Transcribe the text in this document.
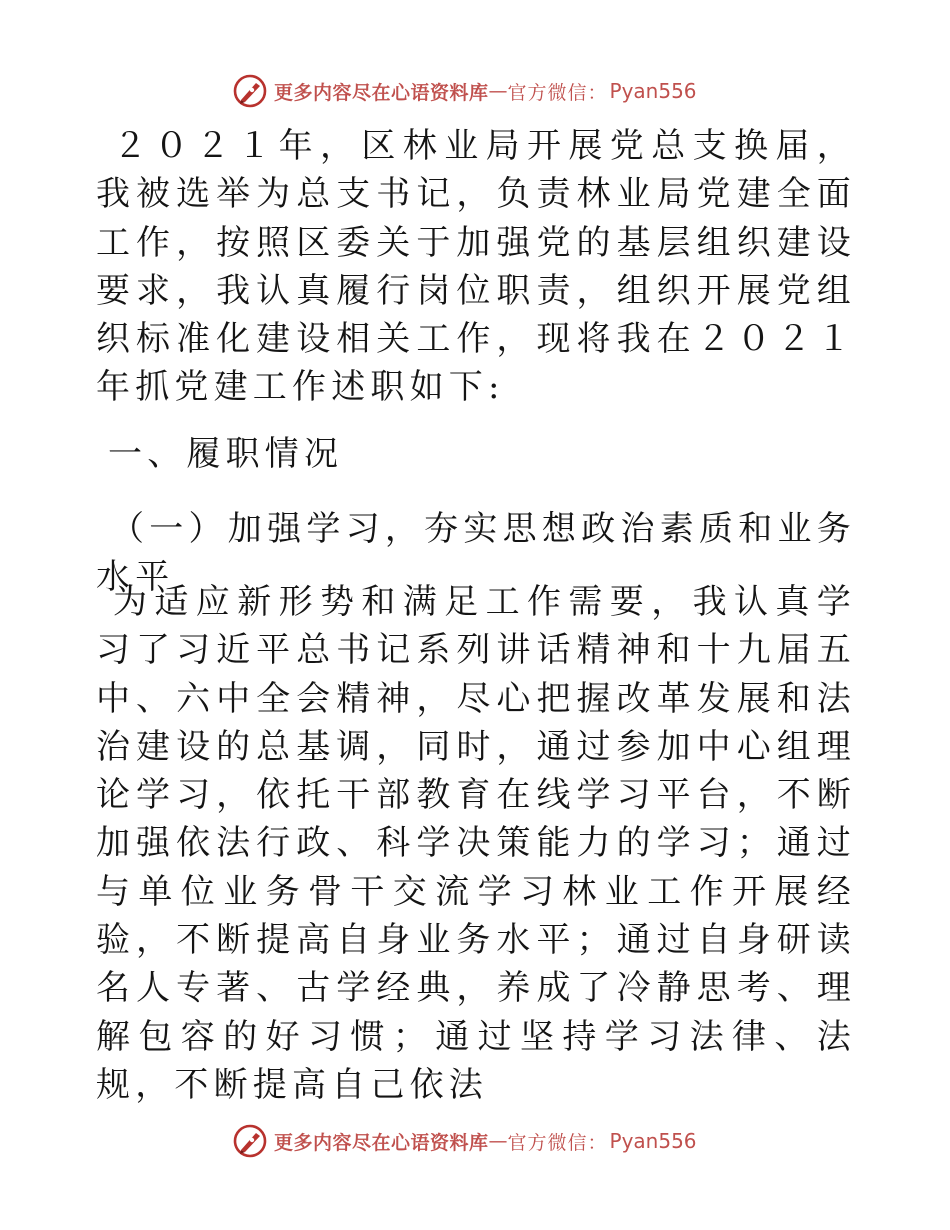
更多内容尽在心语资料库 — 官方微信： Pyan556

２０２１年，区林业局开展党总支换届，我被选举为总支书记，负责林业局党建全面工作，按照区委关于加强党的基层组织建设要求，我认真履行岗位职责，组织开展党组织标准化建设相关工作，现将我在２０２１年抓党建工作述职如下:

一、履职情况

（一）加强学习，夯实思想政治素质和业务水平

为适应新形势和满足工作需要，我认真学习了习近平总书记系列讲话精神和十九届五中、六中全会精神，尽心把握改革发展和法治建设的总基调，同时，通过参加中心组理论学习，依托干部教育在线学习平台，不断加强依法行政、科学决策能力的学习；通过与单位业务骨干交流学习林业工作开展经验，不断提高自身业务水平；通过自身研读名人专著、古学经典，养成了冷静思考、理解包容的好习惯；通过坚持学习法律、法规，不断提高自己依法

更多内容尽在心语资料库 — 官方微信： Pyan556
